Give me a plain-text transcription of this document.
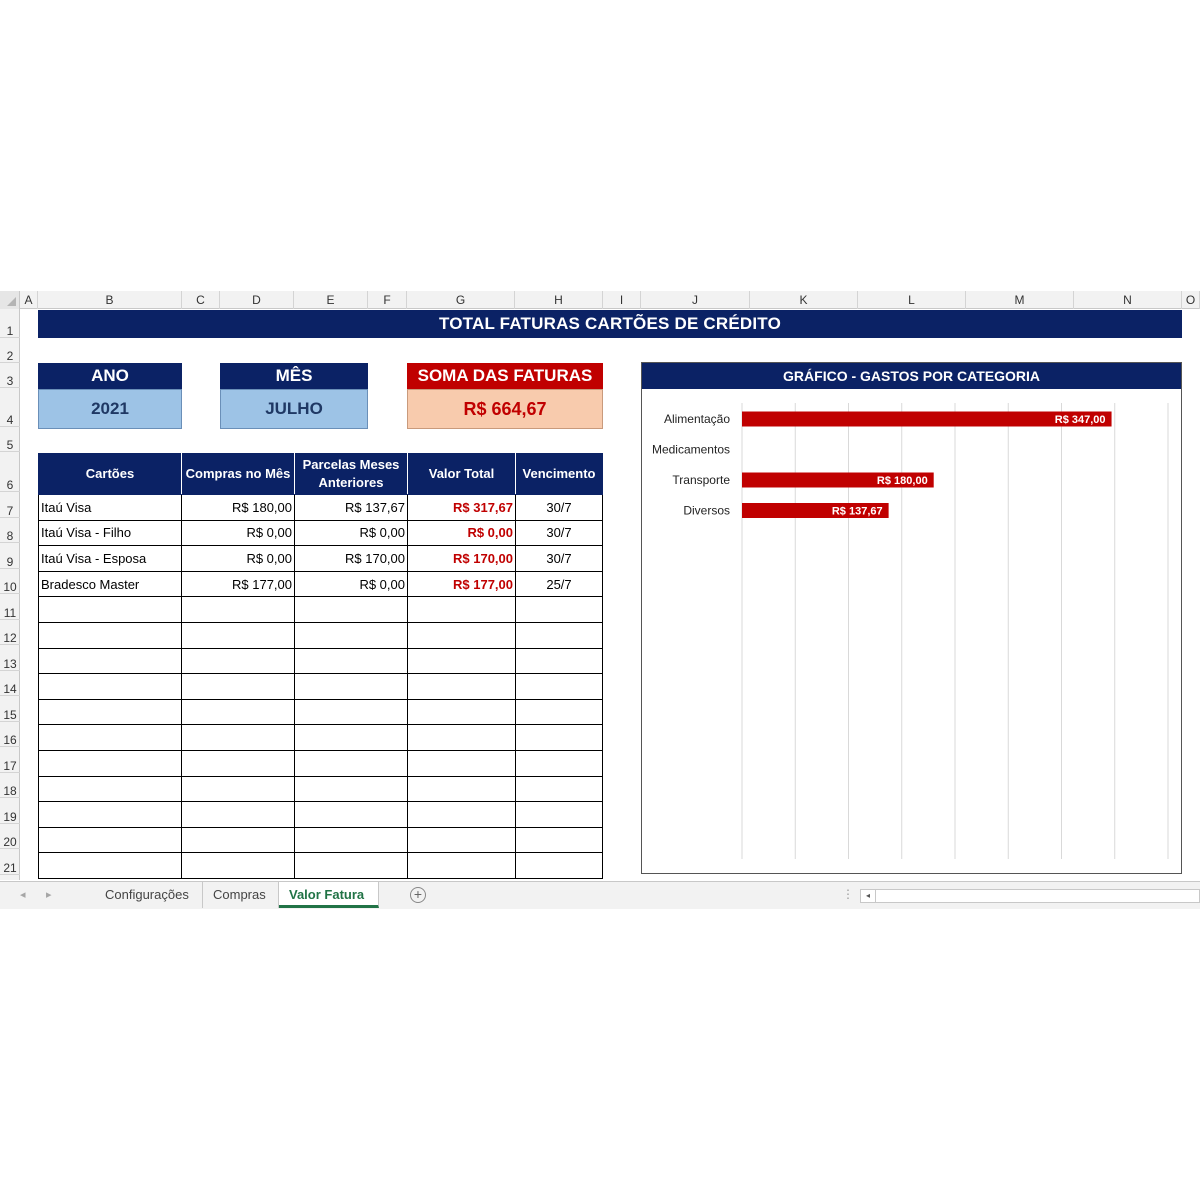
A	B	C	D	E	F	G	H	I	J	K	L	M	N	O
1
2
3
4
5
6
7
8
9
10
11
12
13
14
15
16
17
18
19
20
21
TOTAL FATURAS CARTÕES DE CRÉDITO
ANO
2021
MÊS
JULHO
SOMA DAS FATURAS
R$ 664,67
Cartões	Compras no Mês	Parcelas Meses Anteriores	Valor Total	Vencimento
Itaú Visa	R$ 180,00	R$ 137,67	R$ 317,67	30/7
Itaú Visa - Filho	R$ 0,00	R$ 0,00	R$ 0,00	30/7
Itaú Visa - Esposa	R$ 0,00	R$ 170,00	R$ 170,00	30/7
Bradesco Master	R$ 177,00	R$ 0,00	R$ 177,00	25/7

GRÁFICO - GASTOS POR CATEGORIA
Alimentação	R$ 347,00
Medicamentos
Transporte	R$ 180,00
Diversos	R$ 137,67
◂ ▸	Configurações	Compras	Valor Fatura	+	⋮	◂
